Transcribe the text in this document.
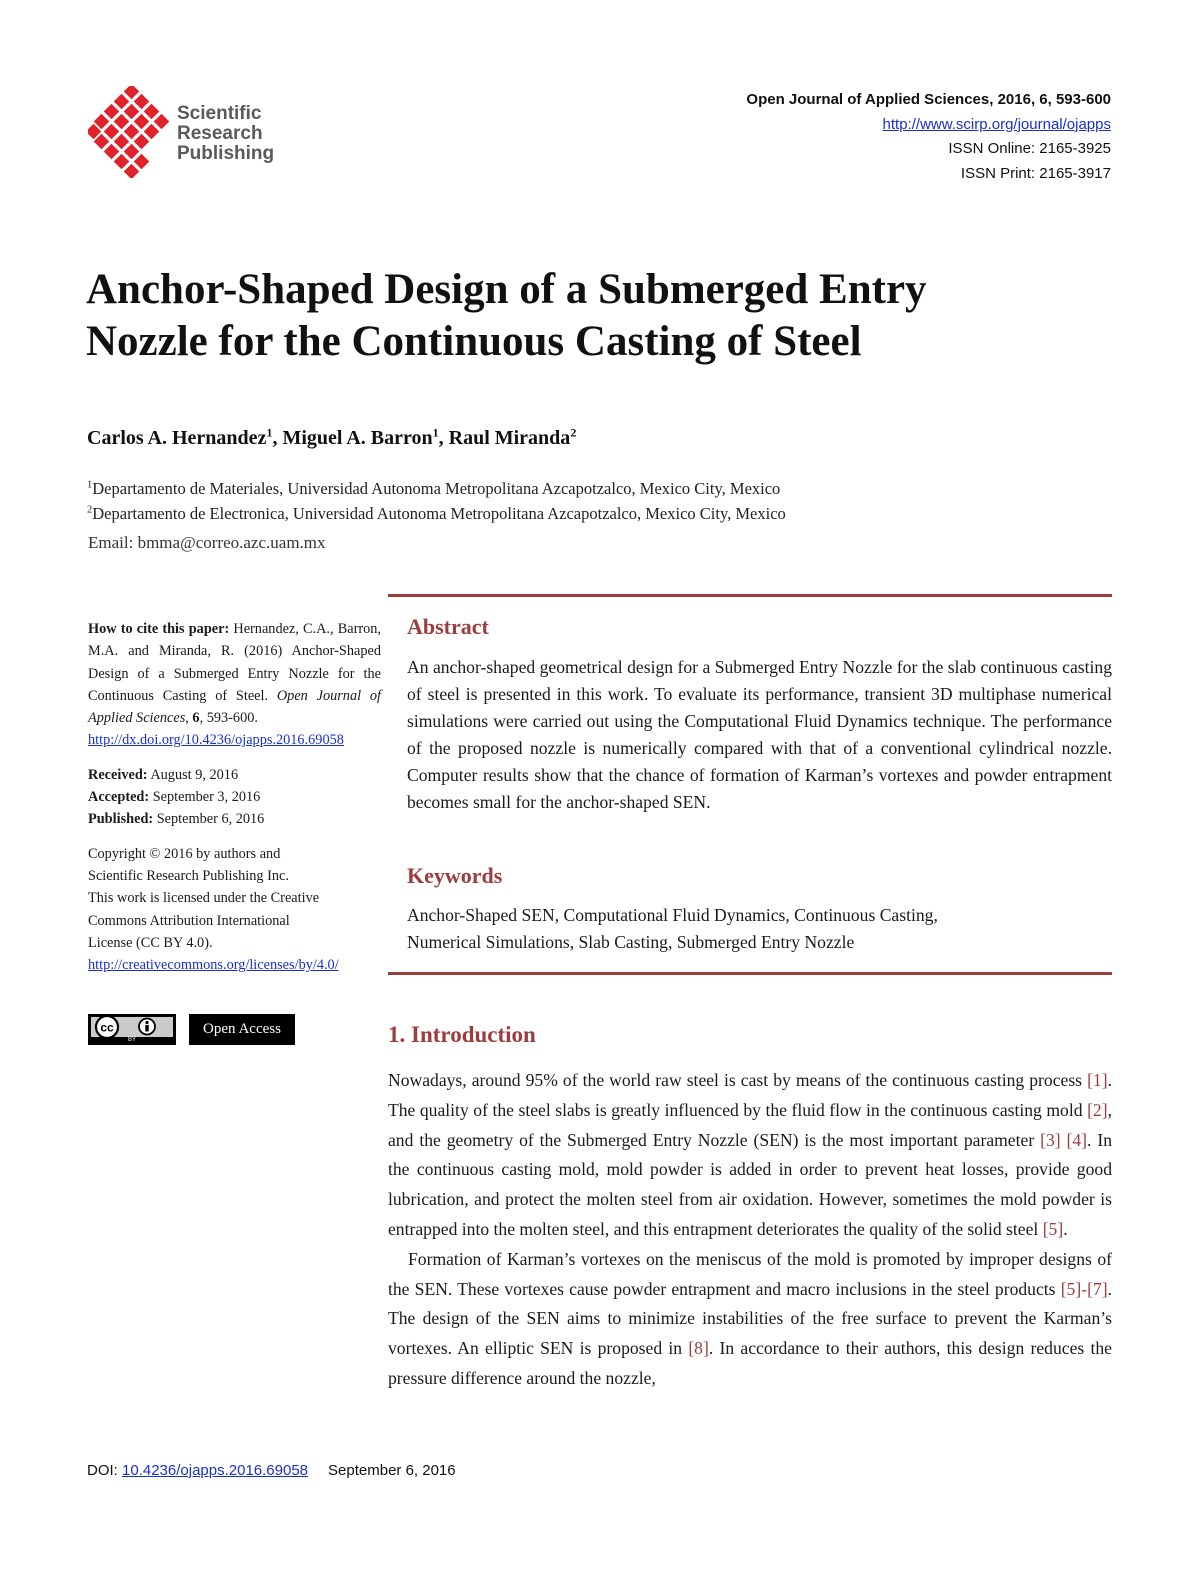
Scientific
Research
Publishing
Open Journal of Applied Sciences, 2016, 6, 593-600
http://www.scirp.org/journal/ojapps
ISSN Online: 2165-3925
ISSN Print: 2165-3917
Anchor-Shaped Design of a Submerged Entry
Nozzle for the Continuous Casting of Steel
Carlos A. Hernandez$^1$, Miguel A. Barron$^1$, Raul Miranda$^2$
$^1$Departamento de Materiales, Universidad Autonoma Metropolitana Azcapotzalco, Mexico City, Mexico
$^2$Departamento de Electronica, Universidad Autonoma Metropolitana Azcapotzalco, Mexico City, Mexico
Email: bmma@correo.azc.uam.mx
How to cite this paper: Hernandez, C.A., Barron, M.A. and Miranda, R. (2016) Anchor-Shaped Design of a Submerged Entry Nozzle for the Continuous Casting of Steel. Open Journal of Applied Sciences, 6, 593-600.
http://dx.doi.org/10.4236/ojapps.2016.69058
Received: August 9, 2016
Accepted: September 3, 2016
Published: September 6, 2016
Copyright © 2016 by authors and
Scientific Research Publishing Inc.
This work is licensed under the Creative
Commons Attribution International
License (CC BY 4.0).
http://creativecommons.org/licenses/by/4.0/
cc
BY
Open Access
Abstract

An anchor-shaped geometrical design for a Submerged Entry Nozzle for the slab continuous casting of steel is presented in this work. To evaluate its performance, transient 3D multiphase numerical simulations were carried out using the Computational Fluid Dynamics technique. The performance of the proposed nozzle is numerically compared with that of a conventional cylindrical nozzle. Computer results show that the chance of formation of Karman’s vortexes and powder entrapment becomes small for the anchor-shaped SEN.

Keywords
Anchor-Shaped SEN, Computational Fluid Dynamics, Continuous Casting,
Numerical Simulations, Slab Casting, Submerged Entry Nozzle
1. Introduction

Nowadays, around 95% of the world raw steel is cast by means of the continuous casting process [1]. The quality of the steel slabs is greatly influenced by the fluid flow in the continuous casting mold [2], and the geometry of the Submerged Entry Nozzle (SEN) is the most important parameter [3] [4]. In the continuous casting mold, mold powder is added in order to prevent heat losses, provide good lubrication, and protect the molten steel from air oxidation. However, sometimes the mold powder is entrapped into the molten steel, and this entrapment deteriorates the quality of the solid steel [5].

Formation of Karman’s vortexes on the meniscus of the mold is promoted by improper designs of the SEN. These vortexes cause powder entrapment and macro inclusions in the steel products [5]-[7]. The design of the SEN aims to minimize instabilities of the free surface to prevent the Karman’s vortexes. An elliptic SEN is proposed in [8]. In accordance to their authors, this design reduces the pressure difference around the nozzle,

DOI: 10.4236/ojapps.2016.69058 September 6, 2016
